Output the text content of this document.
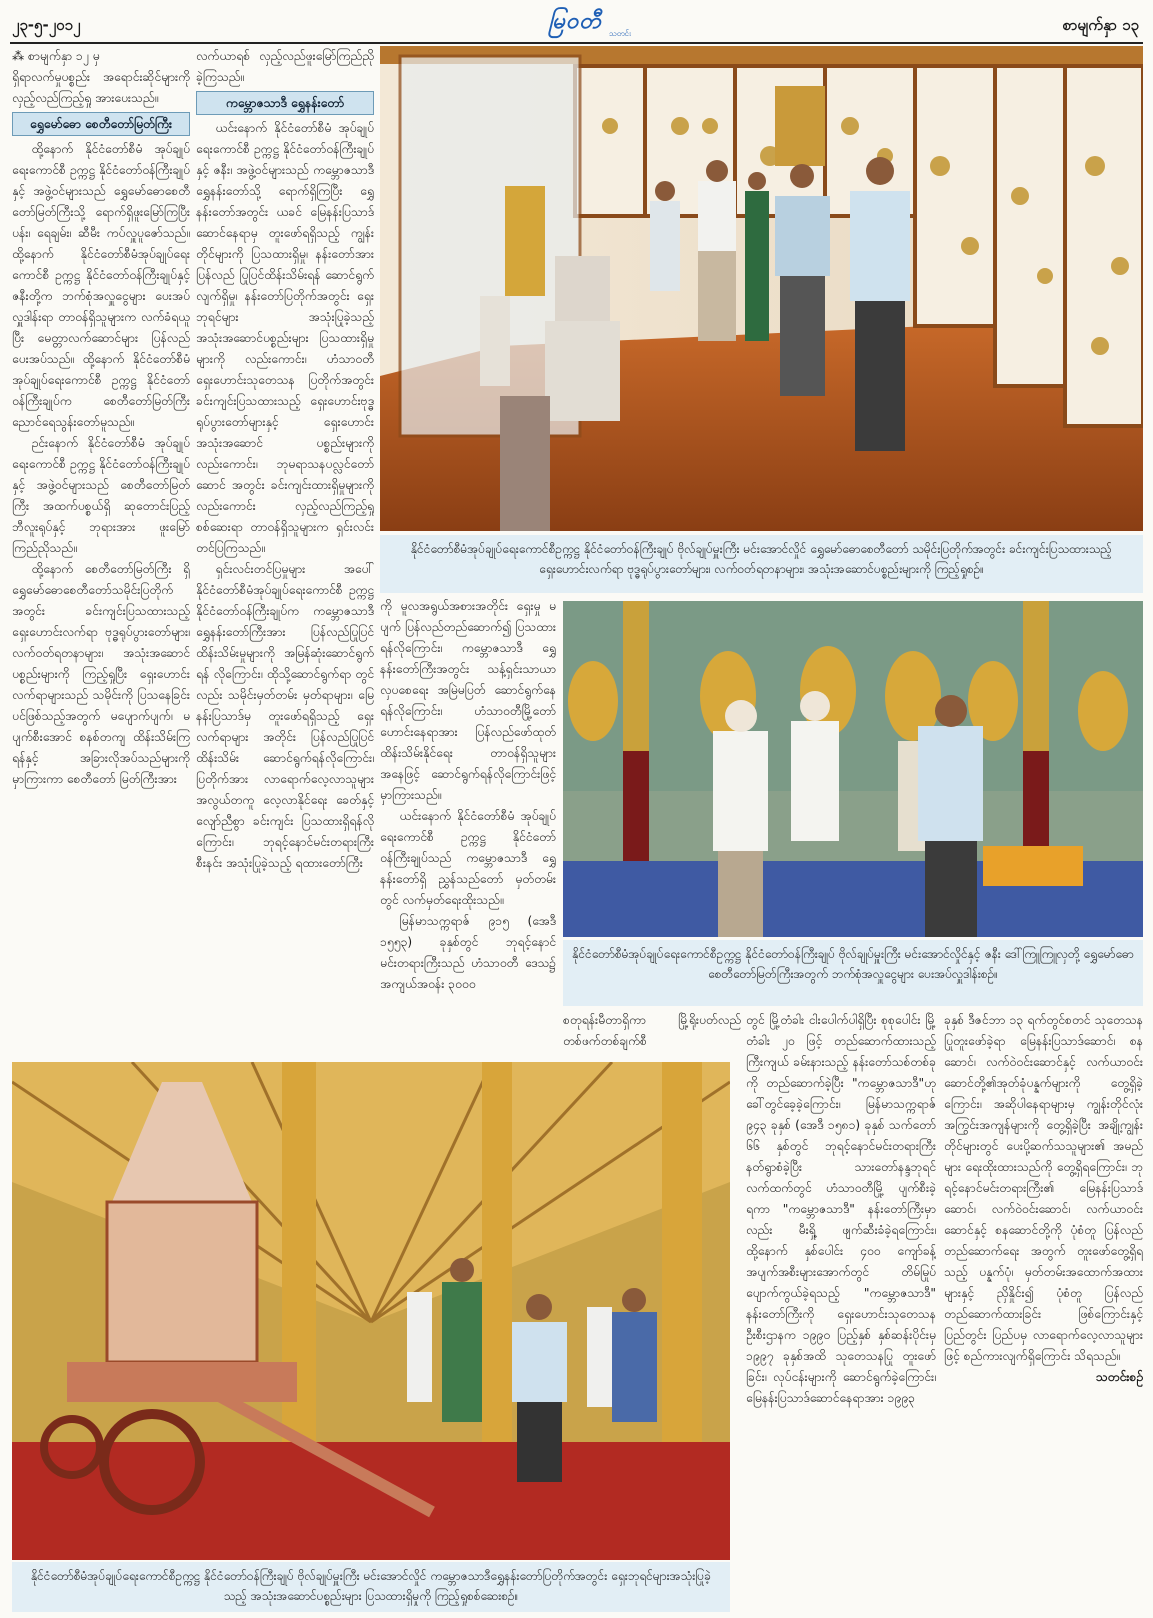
၂၃-၅-၂၀၁၂	မြဝတီ သတင်း	စာမျက်နှာ ၁၃

⁂ စာမျက်နှာ ၁၂ မှ

ရှိရာလက်မှုပစ္စည်း အရောင်းဆိုင်များကို လှည့်လည်ကြည့်ရှု အားပေးသည်။

ရွှေမော်ဓော စေတီတော်မြတ်ကြီး

ထို့နောက် နိုင်ငံတော်စီမံ အုပ်ချုပ်ရေးကောင်စီ ဥက္ကဋ္ဌ နိုင်ငံတော်ဝန်ကြီးချုပ်နှင့် အဖွဲ့ဝင်များသည် ရွှေမော်ဓောစေတီတော်မြတ်ကြီးသို့ ရောက်ရှိဖူးမြော်ကြပြီး ပန်း၊ ရေချမ်း၊ ဆီမီး ကပ်လှူပူဇော်သည်။ ထို့နောက် နိုင်ငံတော်စီမံအုပ်ချုပ်ရေးကောင်စီ ဥက္ကဋ္ဌ နိုင်ငံတော်ဝန်ကြီးချုပ်နှင့် ဇနီးတို့က ဘက်စုံအလှူငွေများ ပေးအပ်လှူဒါန်းရာ တာဝန်ရှိသူများက လက်ခံရယူပြီး မေတ္တာလက်ဆောင်များ ပြန်လည်ပေးအပ်သည်။ ထို့နောက် နိုင်ငံတော်စီမံအုပ်ချုပ်ရေးကောင်စီ ဥက္ကဋ္ဌ နိုင်ငံတော်ဝန်ကြီးချုပ်က စေတီတော်မြတ်ကြီး ညောင်ရေသွန်းတော်မူသည်။

ဉင်းနောက် နိုင်ငံတော်စီမံ အုပ်ချုပ်ရေးကောင်စီ ဥက္ကဋ္ဌ နိုင်ငံတော်ဝန်ကြီးချုပ်နှင့် အဖွဲ့ဝင်များသည် စေတီတော်မြတ်ကြီး အထက်ပစ္စယ်ရှိ ဆုတောင်းပြည့်ဘီလူးရုပ်နှင့် ဘုရားအား ဖူးမြော်ကြည်ညိုသည်။

ထို့နောက် စေတီတော်မြတ်ကြီး ရှိ ရွှေမော်ဓောစေတီတော်သမိုင်းပြတိုက်အတွင်း ခင်းကျင်းပြသထားသည့် ရှေးဟောင်းလက်ရာ ဗုဒ္ဓရုပ်ပွားတော်များ၊ လက်ဝတ်ရတနာများ၊ အသုံးအဆောင်ပစ္စည်းများကို ကြည့်ရှုပြီး ရှေးဟောင်းလက်ရာများသည် သမိုင်းကို ပြသနေခြင်းပင်ဖြစ်သည့်အတွက် မပျောက်ပျက်၊ မပျက်စီးအောင် စနစ်တကျ ထိန်းသိမ်းကြရန်နှင့် အခြားလိုအပ်သည်များကို မှာကြားကာ စေတီတော် မြတ်ကြီးအား

လက်ယာရစ် လှည့်လည်ဖူးမြော်ကြည်ညိုခဲ့ကြသည်။

ကမ္ဘောဇသာဒီ ရွှေနန်းတော်

ယင်းနောက် နိုင်ငံတော်စီမံ အုပ်ချုပ်ရေးကောင်စီ ဥက္ကဋ္ဌ နိုင်ငံတော်ဝန်ကြီးချုပ်နှင့် ဇနီး၊ အဖွဲ့ဝင်များသည် ကမ္ဘောဇသာဒီ ရွှေနန်းတော်သို့ ရောက်ရှိကြပြီး ရွှေနန်းတော်အတွင်း ယခင် မြေနန်းပြသာဒ် ဆောင်နေရာမှ တူးဖော်ရရှိသည့် ကျွန်းတိုင်များကို ပြသထားရှိမှု၊ နန်းတော်အား ပြန်လည် ပြုပြင်ထိန်းသိမ်းရန် ဆောင်ရွက်လျက်ရှိမှု၊ နန်းတော်ပြတိုက်အတွင်း ရှေးဘုရင်များ အသုံးပြုခဲ့သည့် အသုံးအဆောင်ပစ္စည်းများ ပြသထားရှိမှုများကို လည်းကောင်း၊ ဟံသာဝတီ ရှေးဟောင်းသုတေသန ပြတိုက်အတွင်း ခင်းကျင်းပြသထားသည့် ရှေးဟောင်းဗုဒ္ဓရုပ်ပွားတော်များနှင့် ရှေးဟောင်းအသုံးအဆောင် ပစ္စည်းများကို လည်းကောင်း၊ ဘုမရာသနပလ္လင်တော်ဆောင် အတွင်း ခင်းကျင်းထားရှိမှုများကို လည်းကောင်း လှည့်လည်ကြည့်ရှု စစ်ဆေးရာ တာဝန်ရှိသူများက ရှင်းလင်းတင်ပြကြသည်။

ရှင်းလင်းတင်ပြမှုများ အပေါ် နိုင်ငံတော်စီမံအုပ်ချုပ်ရေးကောင်စီ ဥက္ကဋ္ဌ နိုင်ငံတော်ဝန်ကြီးချုပ်က ကမ္ဘောဇသာဒီ ရွှေနန်းတော်ကြီးအား ပြန်လည်ပြုပြင်ထိန်းသိမ်းမှုများကို အမြန်ဆုံးဆောင်ရွက်ရန် လိုကြောင်း၊ ထိုသို့ဆောင်ရွက်ရာ တွင်လည်း သမိုင်းမှတ်တမ်း မှတ်ရာများ၊ မြေနန်းပြသာဒ်မှ တူးဖော်ရရှိသည့် ရှေးလက်ရာများ အတိုင်း ပြန်လည်ပြုပြင်ထိန်းသိမ်း ဆောင်ရွက်ရန်လိုကြောင်း၊ ပြတိုက်အား လာရောက်လေ့လာသူများ အလွယ်တကူ လေ့လာနိုင်ရေး ခေတ်နှင့်လျော်ညီစွာ ခင်းကျင်း ပြသထားရှိရန်လိုကြောင်း၊ ဘုရင့်နောင်မင်းတရားကြီး စီးနင်း အသုံးပြုခဲ့သည့် ရထားတော်ကြီး

ကို မူလအရွယ်အစားအတိုင်း ရှေးမှု မပျက် ပြန်လည်တည်ဆောက်၍ ပြသထားရန်လိုကြောင်း၊ ကမ္ဘောဇသာဒီ ရွှေနန်းတော်ကြီးအတွင်း သန့်ရှင်းသာယာလှပစေရေး အမြဲမပြတ် ဆောင်ရွက်နေရန်လိုကြောင်း၊ ဟံသာဝတီမြို့တော်ဟောင်းနေရာအား ပြန်လည်ဖော်ထုတ်ထိန်းသိမ်းနိုင်ရေး တာဝန်ရှိသူများအနေဖြင့် ဆောင်ရွက်ရန်လိုကြောင်းဖြင့် မှာကြားသည်။

ယင်းနောက် နိုင်ငံတော်စီမံ အုပ်ချုပ်ရေးကောင်စီ ဥက္ကဋ္ဌ နိုင်ငံတော် ဝန်ကြီးချုပ်သည် ကမ္ဘောဇသာဒီ ရွှေနန်းတော်ရှိ ညွှန်သည်တော် မှတ်တမ်းတွင် လက်မှတ်ရေးထိုးသည်။

မြန်မာသက္ကရာဇ် ၉၁၅ (အေဒီ ၁၅၅၃) ခုနှစ်တွင် ဘုရင့်နောင် မင်းတရားကြီးသည် ဟံသာဝတီ ဒေသ၌ အကျယ်အဝန်း ၃၀၀၀

နိုင်ငံတော်စီမံအုပ်ချုပ်ရေးကောင်စီဥက္ကဋ္ဌ နိုင်ငံတော်ဝန်ကြီးချုပ် ဗိုလ်ချုပ်မှူးကြီး မင်းအောင်လှိုင် ရွှေမော်ဓောစေတီတော် သမိုင်းပြတိုက်အတွင်း ခင်းကျင်းပြသထားသည့် ရှေးဟောင်းလက်ရာ ဗုဒ္ဓရုပ်ပွားတော်များ၊ လက်ဝတ်ရတနာများ၊ အသုံးအဆောင်ပစ္စည်းများကို ကြည့်ရှုစဉ်။
နိုင်ငံတော်စီမံအုပ်ချုပ်ရေးကောင်စီဥက္ကဋ္ဌ နိုင်ငံတော်ဝန်ကြီးချုပ် ဗိုလ်ချုပ်မှူးကြီး မင်းအောင်လှိုင်နှင့် ဇနီး ဒေါ်ကြူကြူလှတို့ ရွှေမော်ဓောစေတီတော်မြတ်ကြီးအတွက် ဘက်စုံအလှူငွေများ ပေးအပ်လှူဒါန်းစဉ်။

စတုရန်းမီတာရှိကာ မြို့ရိုးပတ်လည် တစ်ဖက်တစ်ချက်စီ

နိုင်ငံတော်စီမံအုပ်ချုပ်ရေးကောင်စီဥက္ကဋ္ဌ နိုင်ငံတော်ဝန်ကြီးချုပ် ဗိုလ်ချုပ်မှူးကြီး မင်းအောင်လှိုင် ကမ္ဘောဇသာဒီရွှေနန်းတော်ပြတိုက်အတွင်း ရှေးဘုရင်များအသုံးပြုခဲ့သည့် အသုံးအဆောင်ပစ္စည်းများ ပြသထားရှိမှုကို ကြည့်ရှုစစ်ဆေးစဉ်။

တွင် မြို့တံခါး ငါးပေါက်ပါရှိပြီး စုစုပေါင်း မြို့တံခါး ၂၀ ဖြင့် တည်ဆောက်ထားသည့်ကြီးကျယ် ခမ်းနားသည့် နန်းတော်သစ်တစ်ခုကို တည်ဆောက်ခဲ့ပြီး "ကမ္ဘောဇသာဒီ"ဟု ခေါ်တွင်ခေ့ခဲ့ကြောင်း၊ မြန်မာသက္ကရာဇ် ၉၄၃ ခုနှစ် (အေဒီ ၁၅၈၁) ခုနှစ် သက်တော် ၆၆ နှစ်တွင် ဘုရင့်နောင်မင်းတရားကြီး နတ်ရွာစံခဲ့ပြီး သားတော်နန္ဒဘုရင် လက်ထက်တွင် ဟံသာဝတီမြို့ ပျက်စီးခဲ့ရကာ "ကမ္ဘောဇသာဒီ" နန်းတော်ကြီးမှာလည်း မီးရှို့ ဖျက်ဆီးခံခဲ့ရကြောင်း၊ ထို့နောက် နှစ်ပေါင်း ၄၀၀ ကျော်ခန့် အပျက်အစီးများအောက်တွင် တိမ်မြုပ်ပျောက်ကွယ်ခဲ့ရသည့် "ကမ္ဘောဇသာဒီ" နန်းတော်ကြီးကို ရှေးဟောင်းသုတေသနဦးစီးဌာနက ၁၉၉၀ ပြည့်နှစ် နှစ်ဆန်းပိုင်းမှ ၁၉၉၇ ခုနှစ်အထိ သုတေသနပြု တူးဖော်ခြင်း၊ လုပ်ငန်းများကို ဆောင်ရွက်ခဲ့ကြောင်း၊ မြေနန်းပြသာဒ်ဆောင်နေရာအား ၁၉၉၃

ခုနှစ် ဒီဇင်ဘာ ၁၃ ရက်တွင်စတင် သုတေသနပြုတူးဖော်ခဲ့ရာ မြေနန်းပြသာဒ်ဆောင်၊ စနဆောင်၊ လက်ဝဲဝင်းဆောင်နှင့် လက်ယာဝင်းဆောင်တို့၏အုတ်ခုံပန္နက်များကို တွေ့ရှိခဲ့ကြောင်း၊ အဆိုပါနေရာများမှ ကျွန်းတိုင်လုံး အကြွင်းအကျန်များကို တွေ့ရှိခဲ့ပြီး အချို့ကျွန်းတိုင်များတွင် ပေးပို့ဆက်သသူများ၏ အမည်များ ရေးထိုးထားသည်ကို တွေ့ရှိရကြောင်း၊ ဘုရင့်နောင်မင်းတရားကြီး၏ မြေနန်းပြသာဒ်ဆောင်၊ လက်ဝဲဝင်းဆောင်၊ လက်ယာဝင်းဆောင်နှင့် စနဆောင်တို့ကို ပုံစံတူ ပြန်လည် တည်ဆောက်ရေး အတွက် တူးဖော်တွေ့ရှိရသည့် ပန္နက်ပုံ၊ မှတ်တမ်းအထောက်အထားများနှင့် ညှိနှိုင်း၍ ပုံစံတူ ပြန်လည်တည်ဆောက်ထားခြင်း ဖြစ်ကြောင်းနှင့် ပြည်တွင်း ပြည်ပမှ လာရောက်လေ့လာသူများဖြင့် စည်ကားလျက်ရှိကြောင်း သိရသည်။

သတင်းစဉ်
